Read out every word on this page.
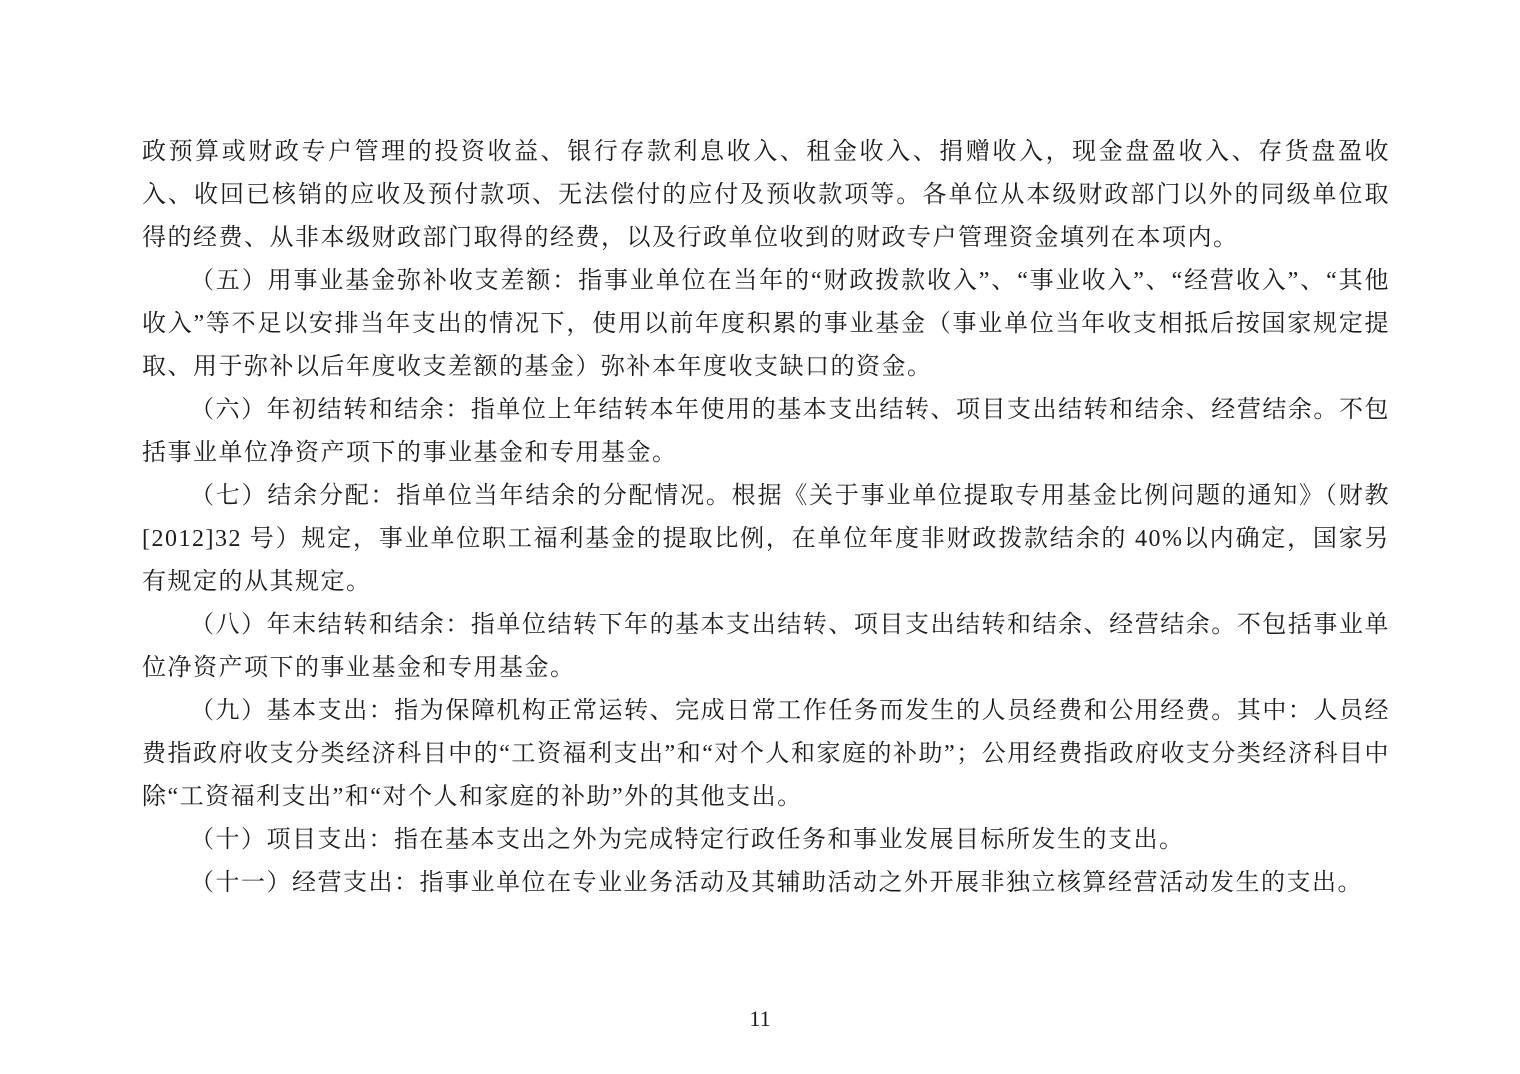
政预算或财政专户管理的投资收益、银行存款利息收入、租金收入、捐赠收入，现金盘盈收入、存货盘盈收入、收回已核销的应收及预付款项、无法偿付的应付及预收款项等。各单位从本级财政部门以外的同级单位取得的经费、从非本级财政部门取得的经费，以及行政单位收到的财政专户管理资金填列在本项内。

（五）用事业基金弥补收支差额：指事业单位在当年的“财政拨款收入”、“事业收入”、“经营收入”、“其他收入”等不足以安排当年支出的情况下，使用以前年度积累的事业基金（事业单位当年收支相抵后按国家规定提取、用于弥补以后年度收支差额的基金）弥补本年度收支缺口的资金。

（六）年初结转和结余：指单位上年结转本年使用的基本支出结转、项目支出结转和结余、经营结余。不包括事业单位净资产项下的事业基金和专用基金。

（七）结余分配：指单位当年结余的分配情况。根据《关于事业单位提取专用基金比例问题的通知》（财教[2012]32 号）规定，事业单位职工福利基金的提取比例，在单位年度非财政拨款结余的 40%以内确定，国家另有规定的从其规定。

（八）年末结转和结余：指单位结转下年的基本支出结转、项目支出结转和结余、经营结余。不包括事业单位净资产项下的事业基金和专用基金。

（九）基本支出：指为保障机构正常运转、完成日常工作任务而发生的人员经费和公用经费。其中：人员经费指政府收支分类经济科目中的“工资福利支出”和“对个人和家庭的补助”；公用经费指政府收支分类经济科目中除“工资福利支出”和“对个人和家庭的补助”外的其他支出。

（十）项目支出：指在基本支出之外为完成特定行政任务和事业发展目标所发生的支出。

（十一）经营支出：指事业单位在专业业务活动及其辅助活动之外开展非独立核算经营活动发生的支出。

11
